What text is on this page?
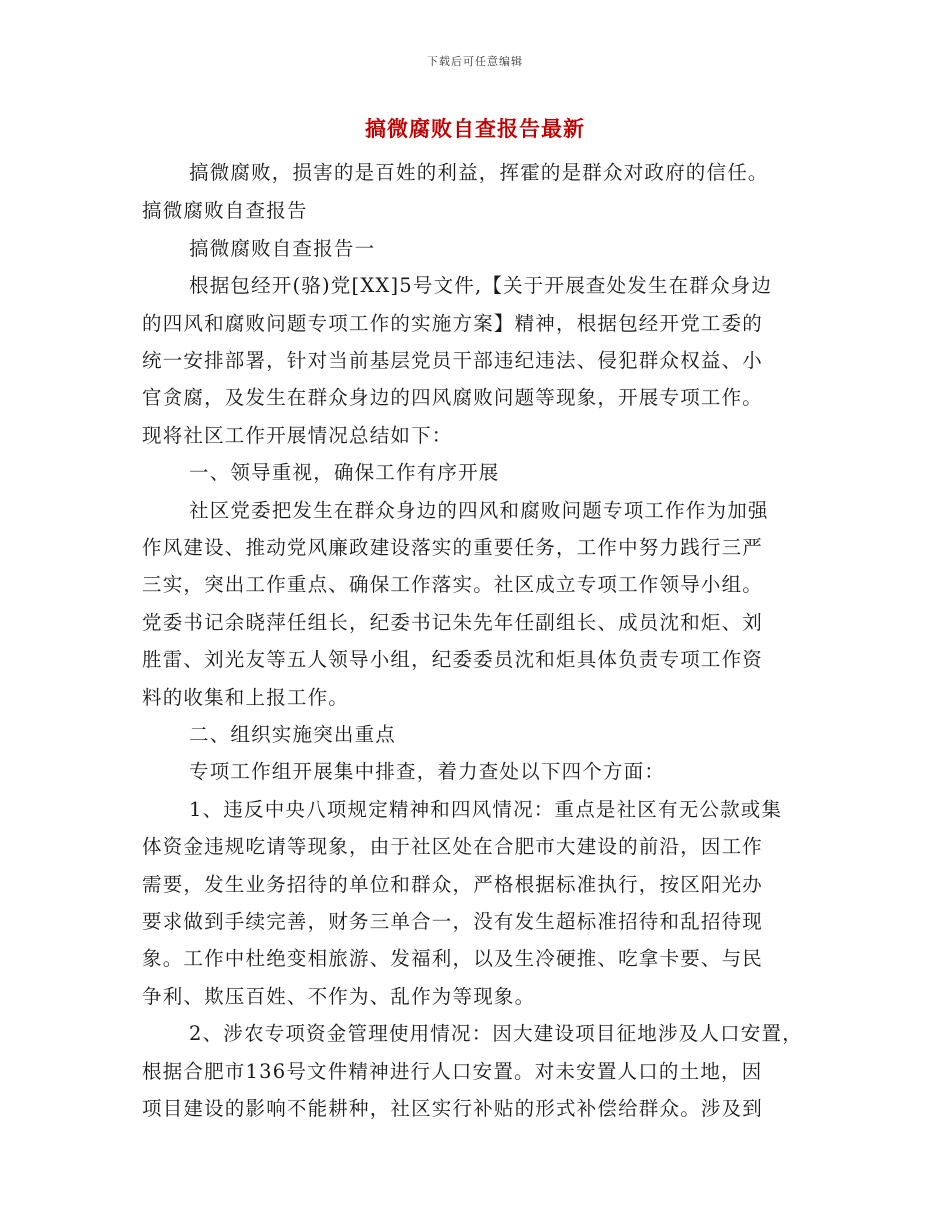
下载后可任意编辑
搞微腐败自查报告最新
搞微腐败，损害的是百姓的利益，挥霍的是群众对政府的信任。
搞微腐败自查报告
搞微腐败自查报告一
根据包经开(骆)党[XX]5号文件,【关于开展查处发生在群众身边
的四风和腐败问题专项工作的实施方案】精神，根据包经开党工委的
统一安排部署，针对当前基层党员干部违纪违法、侵犯群众权益、小
官贪腐，及发生在群众身边的四风腐败问题等现象，开展专项工作。
现将社区工作开展情况总结如下：
一、领导重视，确保工作有序开展
社区党委把发生在群众身边的四风和腐败问题专项工作作为加强
作风建设、推动党风廉政建设落实的重要任务，工作中努力践行三严
三实，突出工作重点、确保工作落实。社区成立专项工作领导小组。
党委书记余晓萍任组长，纪委书记朱先年任副组长、成员沈和炬、刘
胜雷、刘光友等五人领导小组，纪委委员沈和炬具体负责专项工作资
料的收集和上报工作。
二、组织实施突出重点
专项工作组开展集中排查，着力查处以下四个方面：
1、违反中央八项规定精神和四风情况：重点是社区有无公款或集
体资金违规吃请等现象，由于社区处在合肥市大建设的前沿，因工作
需要，发生业务招待的单位和群众，严格根据标准执行，按区阳光办
要求做到手续完善，财务三单合一，没有发生超标准招待和乱招待现
象。工作中杜绝变相旅游、发福利，以及生冷硬推、吃拿卡要、与民
争利、欺压百姓、不作为、乱作为等现象。
2、涉农专项资金管理使用情况：因大建设项目征地涉及人口安置，
根据合肥市136号文件精神进行人口安置。对未安置人口的土地，因
项目建设的影响不能耕种，社区实行补贴的形式补偿给群众。涉及到
